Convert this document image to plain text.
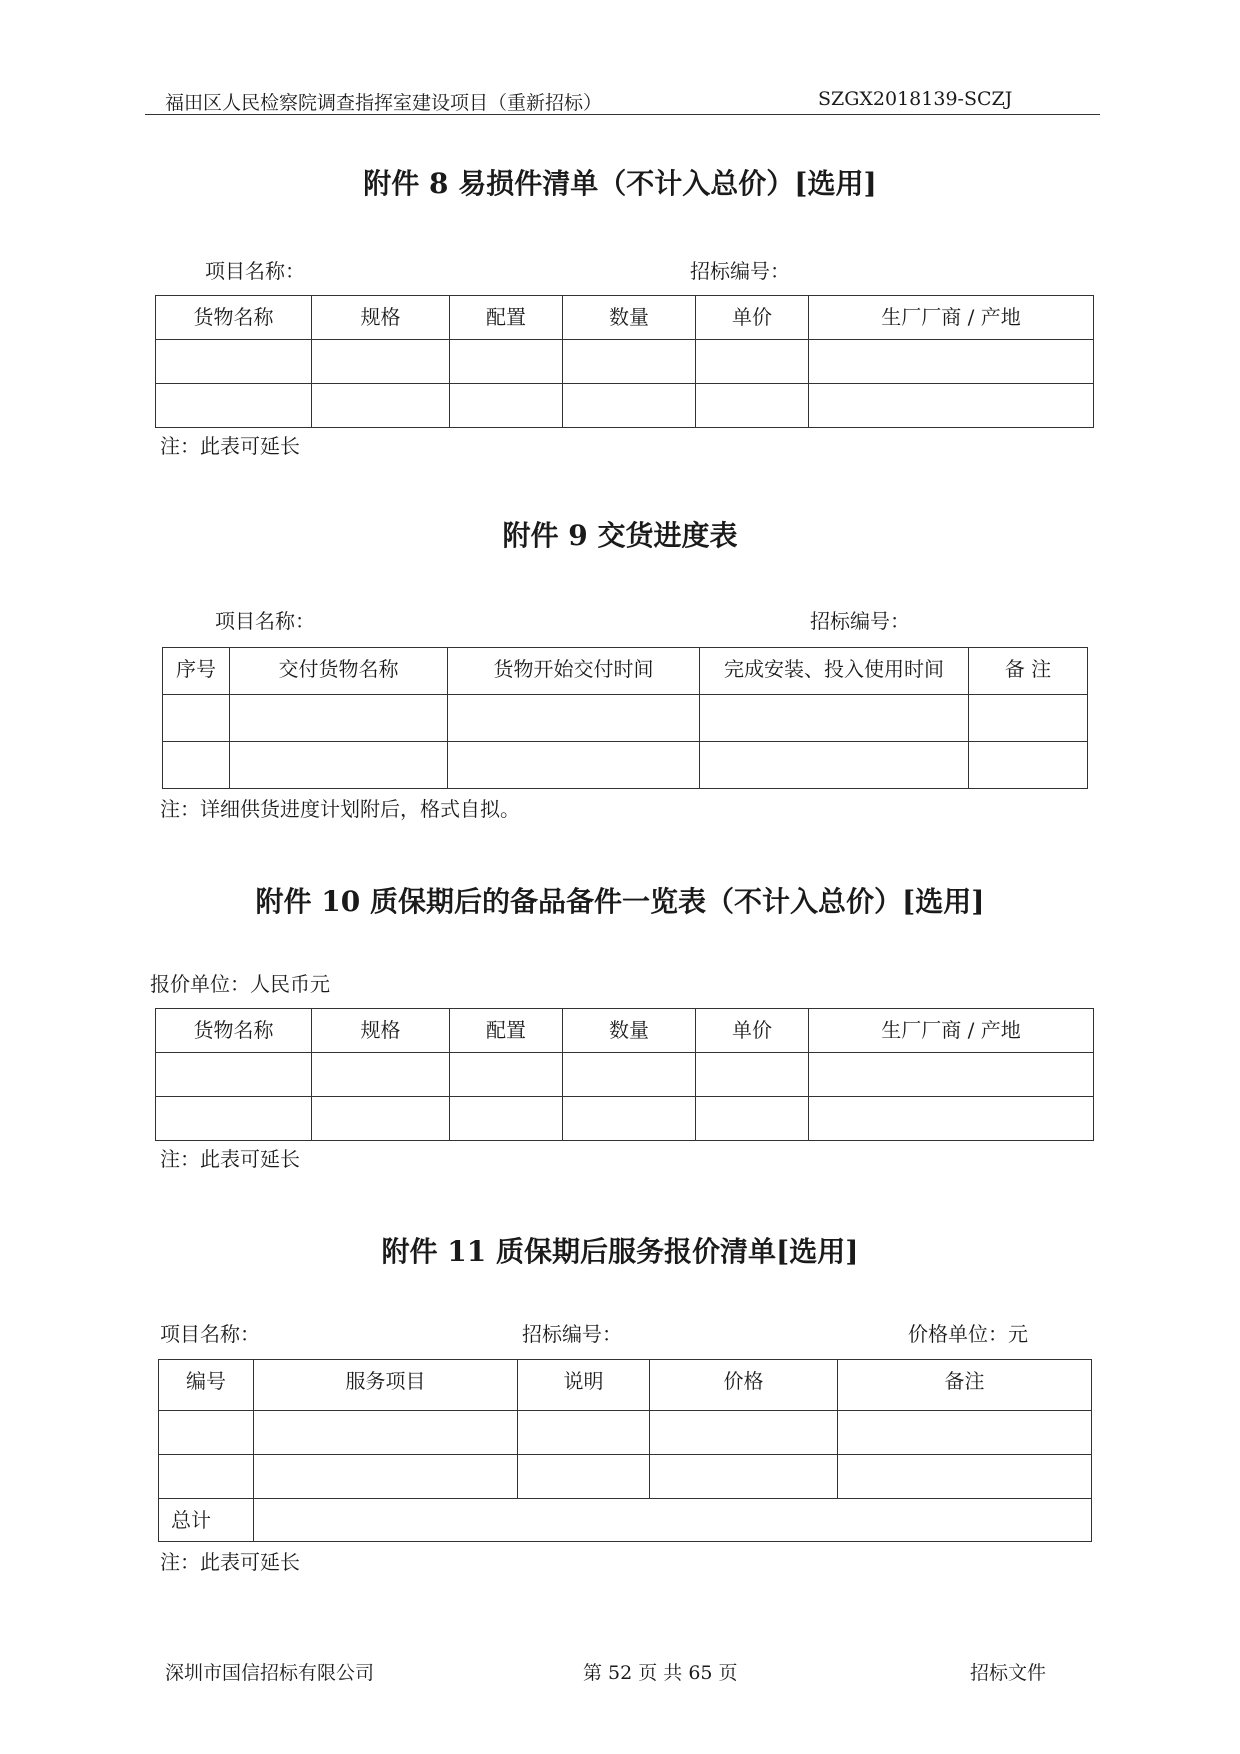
福田区人民检察院调查指挥室建设项目（重新招标）	SZGX2018139-SCZJ
附件 8 易损件清单（不计入总价）[选用]
项目名称：	招标编号：
货物名称	规格	配置	数量	单价	生厂厂商 / 产地

注：此表可延长
附件 9 交货进度表
项目名称：	招标编号：
序号	交付货物名称	货物开始交付时间	完成安装、投入使用时间	备 注

注：详细供货进度计划附后，格式自拟。
附件 10 质保期后的备品备件一览表（不计入总价）[选用]
报价单位：人民币元
货物名称	规格	配置	数量	单价	生厂厂商 / 产地

注：此表可延长
附件 11 质保期后服务报价清单[选用]
项目名称：	招标编号：	价格单位：元
编号	服务项目	说明	价格	备注

总计				
注：此表可延长
深圳市国信招标有限公司	第 52 页 共 65 页	招标文件
